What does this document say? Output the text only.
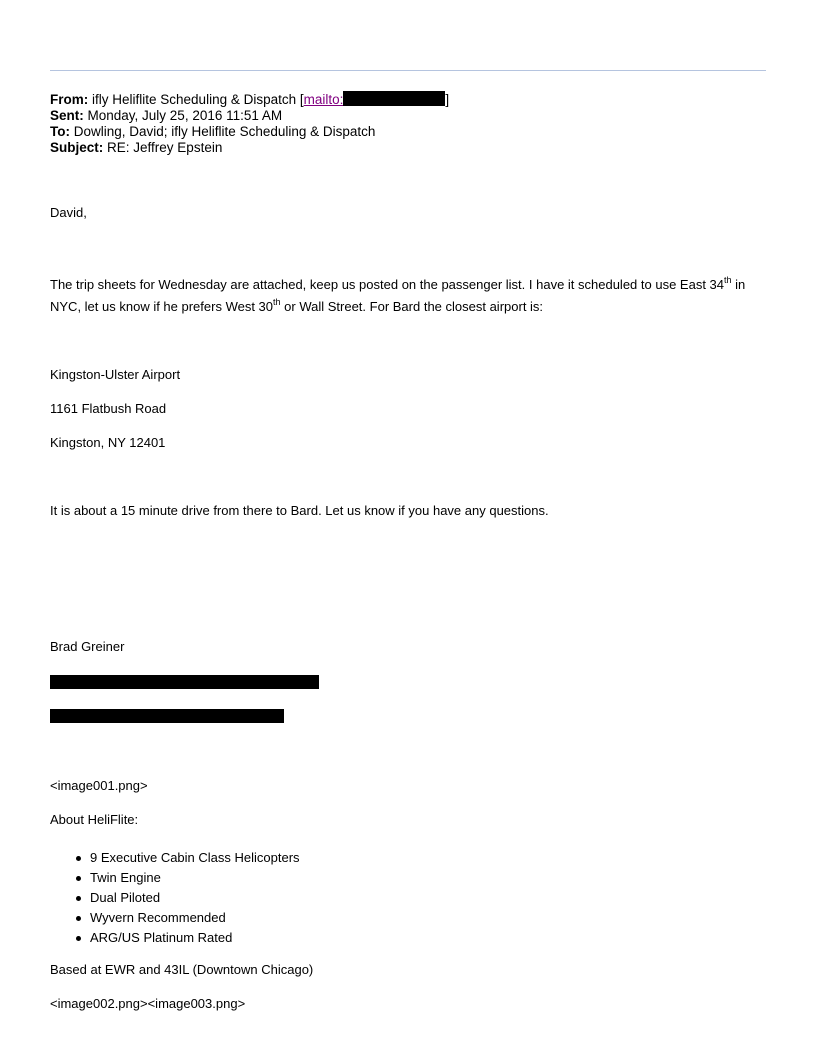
From: ifly Heliflite Scheduling & Dispatch [mailto:	]
Sent: Monday, July 25, 2016 11:51 AM
To: Dowling, David; ifly Heliflite Scheduling & Dispatch
Subject: RE: Jeffrey Epstein
David,
The trip sheets for Wednesday are attached, keep us posted on the passenger list. I have it scheduled to use East 34th in
NYC, let us know if he prefers West 30th or Wall Street. For Bard the closest airport is:
Kingston-Ulster Airport
1161 Flatbush Road
Kingston, NY 12401
It is about a 15 minute drive from there to Bard. Let us know if you have any questions.
Brad Greiner
<image001.png>
About HeliFlite:
9 Executive Cabin Class Helicopters
Twin Engine
Dual Piloted
Wyvern Recommended
ARG/US Platinum Rated
Based at EWR and 43IL (Downtown Chicago)
<image002.png><image003.png>
